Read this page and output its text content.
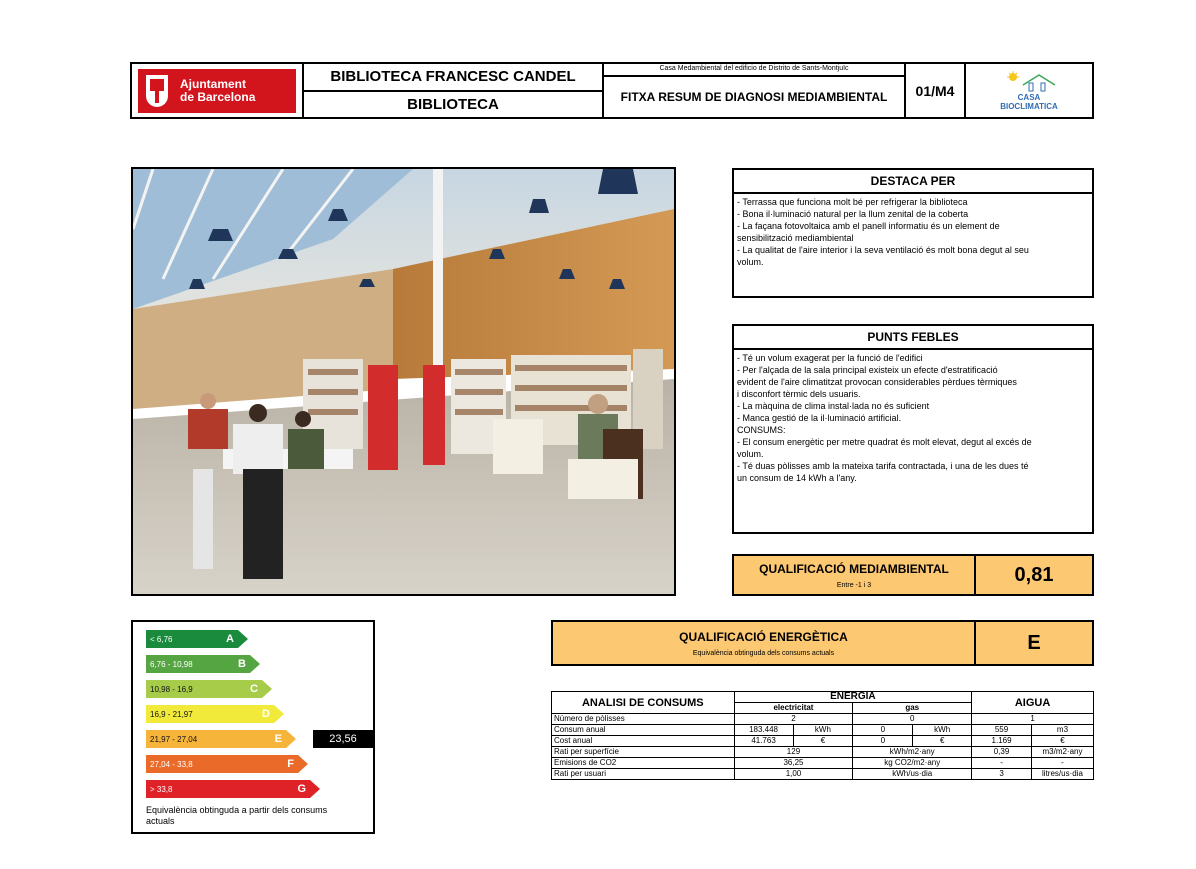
Ajuntament
de Barcelona
BIBLIOTECA FRANCESC CANDEL
BIBLIOTECA
Casa Medambiental del edificio de Distrito de Sants-Montjuïc
FITXA RESUM DE DIAGNOSI MEDIAMBIENTAL	01/M4	CASA
BIOCLIMATICA
DESTACA PER
- Terrassa que funciona molt bé per refrigerar la biblioteca
- Bona il·luminació natural per la llum zenital de la coberta
- La façana fotovoltaica amb el panell informatiu és un element de
sensibilització mediambiental
- La qualitat de l'aire interior i la seva ventilació és molt bona degut al seu
volum.
PUNTS FEBLES
- Té un volum exagerat per la funció de l'edifici
- Per l'alçada de la sala principal existeix un efecte d'estratificació
evident de l'aire climatitzat provocan considerables pèrdues tèrmiques
i disconfort tèrmic dels usuaris.
- La màquina de clima instal·lada no és suficient
- Manca gestió de la il·luminació artificial.
CONSUMS:
- El consum energètic per metre quadrat és molt elevat, degut al excés de
volum.
- Té duas pòlisses amb la mateixa tarifa contractada, i una de les dues té
un consum de 14 kWh a l'any.
QUALIFICACIÓ MEDIAMBIENTAL
Entre -1 i 3	0,81
QUALIFICACIÓ ENERGÈTICA
Equivalència obtinguda dels consums actuals	E
< 6,76	A
6,76 - 10,98	B
10,98 - 16,9	C
16,9 - 21,97	D
21,97 - 27,04	E
27,04 - 33,8	F
> 33,8	G
23,56
Equivalència obtinguda a partir dels consums actuals
ANALISI DE CONSUMS	ENERGIA				AIGUA	
	electricitat		gas			
Número de pòlisses	2		0		1	
Consum anual	183.448	kWh	0	kWh	559	m3
Cost anual	41.763	€	0	€	1.169	€
Rati per superfície	129		kWh/m2·any		0,39	m3/m2·any
Emisions de CO2	36,25		kg CO2/m2·any		-	-
Rati per usuari	1,00		kWh/us·dia		3	litres/us·dia
